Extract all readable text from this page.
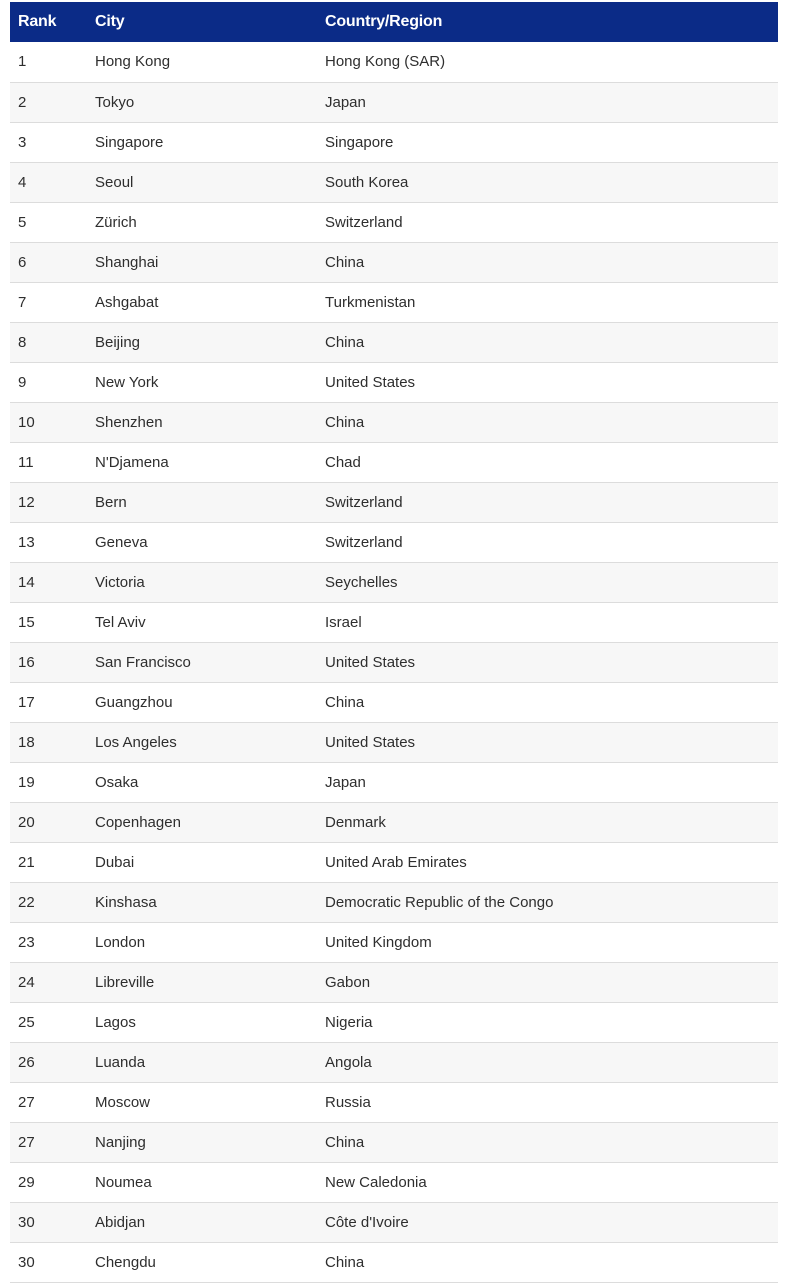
Rank	City	Country/Region
1	Hong Kong	Hong Kong (SAR)
2	Tokyo	Japan
3	Singapore	Singapore
4	Seoul	South Korea
5	Zürich	Switzerland
6	Shanghai	China
7	Ashgabat	Turkmenistan
8	Beijing	China
9	New York	United States
10	Shenzhen	China
11	N'Djamena	Chad
12	Bern	Switzerland
13	Geneva	Switzerland
14	Victoria	Seychelles
15	Tel Aviv	Israel
16	San Francisco	United States
17	Guangzhou	China
18	Los Angeles	United States
19	Osaka	Japan
20	Copenhagen	Denmark
21	Dubai	United Arab Emirates
22	Kinshasa	Democratic Republic of the Congo
23	London	United Kingdom
24	Libreville	Gabon
25	Lagos	Nigeria
26	Luanda	Angola
27	Moscow	Russia
27	Nanjing	China
29	Noumea	New Caledonia
30	Abidjan	Côte d'Ivoire
30	Chengdu	China
